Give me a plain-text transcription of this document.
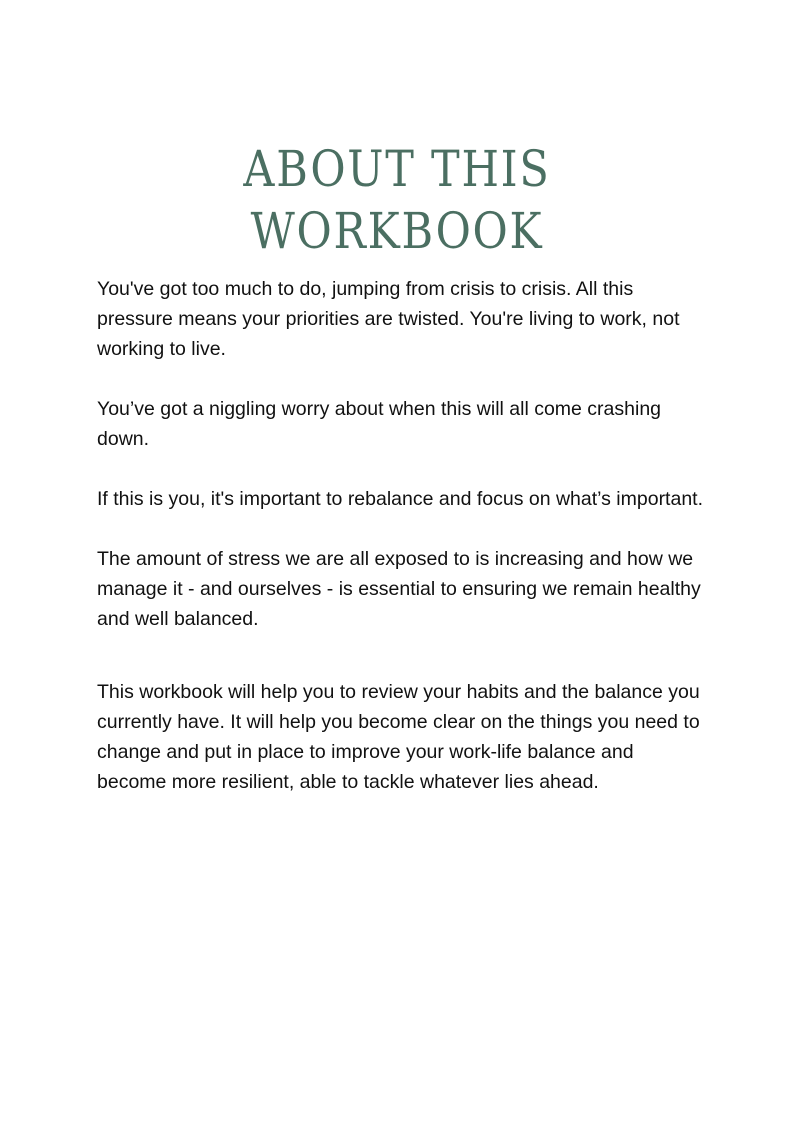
ABOUT THIS
WORKBOOK

You've got too much to do, jumping from crisis to crisis. All this pressure means your priorities are twisted. You're living to work, not working to live.

You’ve got a niggling worry about when this will all come crashing down.

If this is you, it's important to rebalance and focus on what’s important.

The amount of stress we are all exposed to is increasing and how we manage it - and ourselves - is essential to ensuring we remain healthy and well balanced.

This workbook will help you to review your habits and the balance you currently have. It will help you become clear on the things you need to change and put in place to improve your work-life balance and become more resilient, able to tackle whatever lies ahead.
